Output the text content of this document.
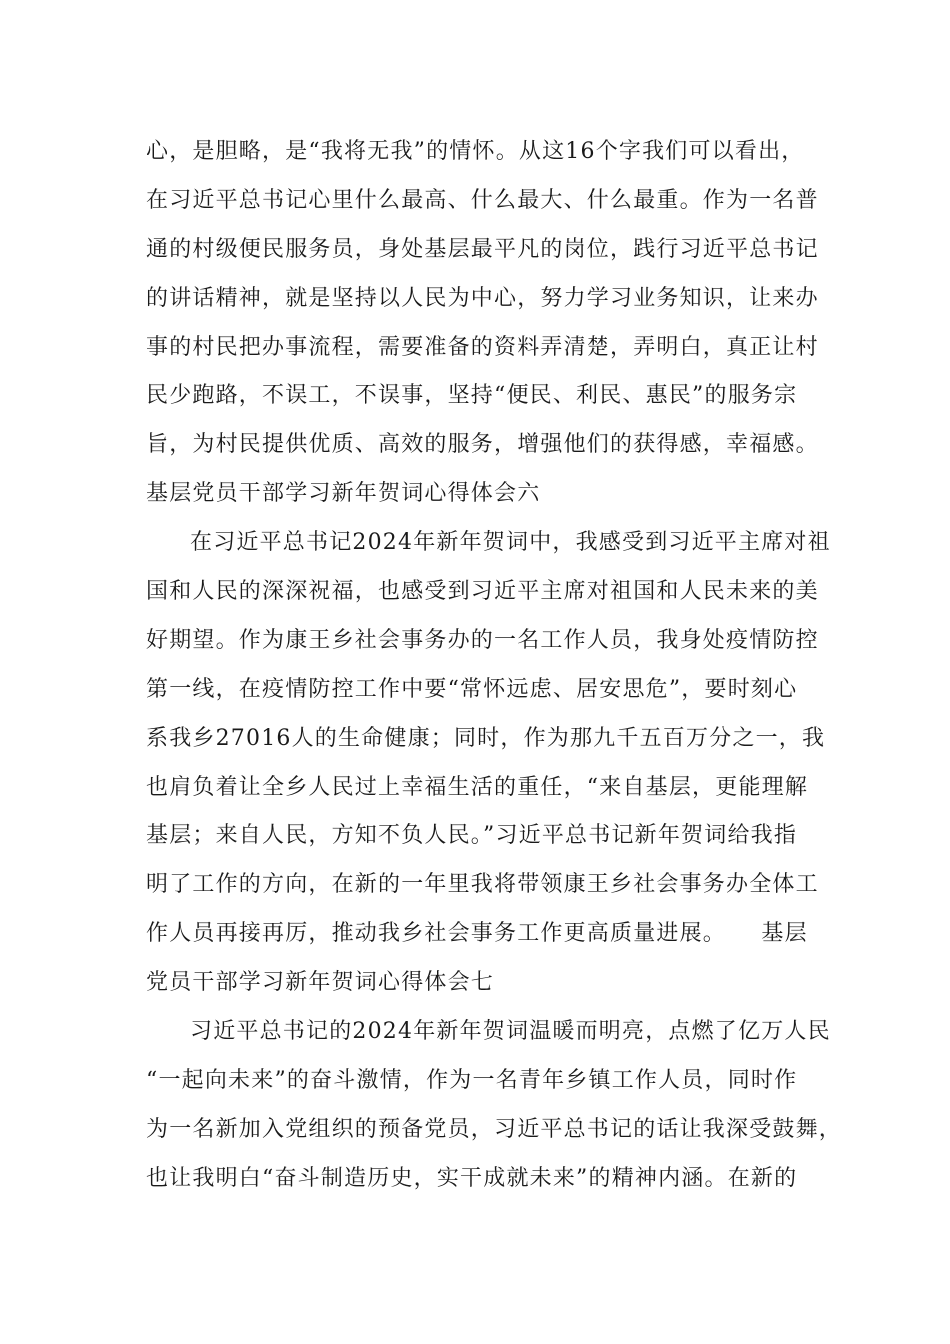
心，是胆略，是“我将无我”的情怀。从这16个字我们可以看出，
在习近平总书记心里什么最高、什么最大、什么最重。作为一名普
通的村级便民服务员，身处基层最平凡的岗位，践行习近平总书记
的讲话精神，就是坚持以人民为中心，努力学习业务知识，让来办
事的村民把办事流程，需要准备的资料弄清楚，弄明白，真正让村
民少跑路，不误工，不误事，坚持“便民、利民、惠民”的服务宗
旨，为村民提供优质、高效的服务，增强他们的获得感，幸福感。
基层党员干部学习新年贺词心得体会六
在习近平总书记2024年新年贺词中，我感受到习近平主席对祖
国和人民的深深祝福，也感受到习近平主席对祖国和人民未来的美
好期望。作为康王乡社会事务办的一名工作人员，我身处疫情防控
第一线，在疫情防控工作中要“常怀远虑、居安思危”，要时刻心
系我乡27016人的生命健康；同时，作为那九千五百万分之一，我
也肩负着让全乡人民过上幸福生活的重任，“来自基层，更能理解
基层；来自人民，方知不负人民。”习近平总书记新年贺词给我指
明了工作的方向，在新的一年里我将带领康王乡社会事务办全体工
作人员再接再厉，推动我乡社会事务工作更高质量进展。　　基层
党员干部学习新年贺词心得体会七
习近平总书记的2024年新年贺词温暖而明亮，点燃了亿万人民
“一起向未来”的奋斗激情，作为一名青年乡镇工作人员，同时作
为一名新加入党组织的预备党员，习近平总书记的话让我深受鼓舞，
也让我明白“奋斗制造历史，实干成就未来”的精神内涵。在新的
